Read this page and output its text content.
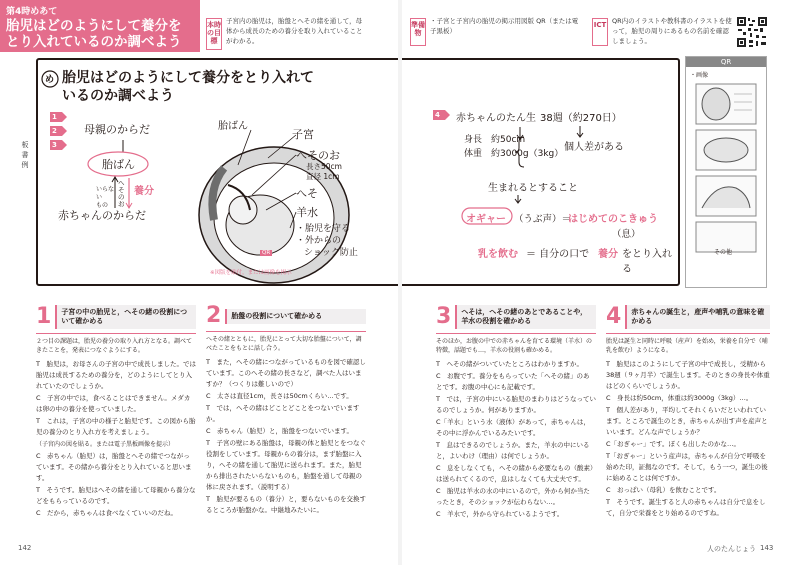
第4時めあて
胎児はどのようにして養分をとり入れているのか調べよう
本時の目標
子宮内の胎児は，胎盤とへその緒を通して，母体から成長のための養分を取り入れていることがわかる。
準備物
・子宮と子宮内の胎児の掲示用図版 QR（または電子黒板）
ICT QR内のイラストや教科書のイラストを使って，胎児の周りにあるもの名前を確認しましょう。
板書例
め 胎児はどのようにして養分をとり入れて
いるのか調べよう
1
2
3
4
母親のからだ
胎ばん
いらない
もの
へそのお
養分
赤ちゃんのからだ
胎ばん
子宮
へそのお
長さ50cm
直径 1cm
へそ
羊水
・胎児を守る
・外からの
ショック防止
QR
※図版を貼付，または画像を掲示
赤ちゃんのたん生 38週（約270日）
身長　約50cm
体重　約3000g（3kg）
個人差がある
生まれるとすること
オギャー （うぶ声）＝
はじめてのこきゅう
（息）
乳を飲む ＝ 自分の口で 養分 をとり入れる
QR
・画像
その他
1	子宮の中の胎児と，へその緒の役割について確かめる
２つ目の課題は，胎児の養分の取り入れ方となる。調べてきたことを，発表につなぐようにする。
T　胎児は，お母さんの子宮の中で成長しました。では胎児は成長するための養分を，どのようにしてとり入れていたのでしょうか。
C　子宮の中では，食べることはできません。メダカは卵の中の養分を使っていました。
T　これは，子宮の中の様子と胎児です。この図から胎児の養分のとり入れ方を考えましょう。
（子宮内の図を貼る。または電子黒板画像を提示）
C　赤ちゃん（胎児）は，胎盤とへその緒でつながっています。その緒から養分をとり入れていると思います。
T　そうです。胎児はへその緒を通して母親から養分などをもらっているのです。
C　だから，赤ちゃんは食べなくていいのだね。
2	胎盤の役割について確かめる
へその緒とともに，胎児にとって大切な胎盤について，調べたことをもとに話し合う。
T　また，へその緒につながっているものを図で確認しています。このへその緒の長さなど，調べた人はいますか？（つくりは難しいので）
C　太さは直径1cm，長さは50cmくらい…です。
T　では，へその緒はどことどことをつないでいますか。
C　赤ちゃん（胎児）と，胎盤をつないでいます。
T　子宮の壁にある胎盤は，母親の体と胎児とをつなぐ役割をしています。母親からの養分は，まず胎盤に入り，へその緒を通して胎児に送られます。また，胎児から排出されたいらないものも，胎盤を通して母親の体に戻されます。（説明する）
T　胎児が要るもの（養分）と，要らないものを交換するところが胎盤かな。中継地みたいに。
3	へそは，へその緒のあとであることや，羊水の役割を確かめる
そのほか，お腹の中での赤ちゃんを育てる環境（羊水）の特徴，話題でも…，羊水の役割も確かめる。
T　へその緒がついていたところはわかりますか。
C　お腹です。養分をもらっていた「へその緒」のあとです。お腹の中心にも記載です。
T　では，子宮の中にいる胎児のまわりはどうなっているのでしょうか。何がありますか。
C「羊水」という水（液体）があって，赤ちゃんは，その中に浮かんでいるみたいです。
T　息はできるのでしょうか。また，羊水の中にいると，よいわけ（理由）は何でしょうか。
C　息をしなくても，へその緒から必要なもの（酸素）は送られてくるので，息はしなくても大丈夫です。
C　胎児は羊水の水の中にいるので，外から何か当たったとき，そのショックが伝わらない…。
C　羊水で，外から守られているようです。
4	赤ちゃんの誕生と，産声や哺乳の意味を確かめる
胎児は誕生と同時に呼吸（産声）を始め，栄養を自分で（哺乳を飲む）ようになる。
T　胎児はこのようにして子宮の中で成長し，受精から38週（９ヶ月半）で誕生します。そのときの身長や体重はどのくらいでしょうか。
C　身長は約50cm，体重は約3000g（3kg）…。
T　個人差があり，平均してそれくらいだといわれています。ところで誕生のとき，赤ちゃんが出す声を産声といいます。どんな声でしょうか？
C「おぎゃー」です。ぼくも出したのかな…。
T「おぎゃー」という産声は，赤ちゃんが自分で呼吸を始めた印，証拠なのです。そして，もう一つ，誕生の後に始めることは何ですか。
C　おっぱい（母乳）を飲むことです。
T　そうです。誕生すると人の赤ちゃんは自分で息をして，自分で栄養をとり始めるのですね。
142	人のたんじょう 143
